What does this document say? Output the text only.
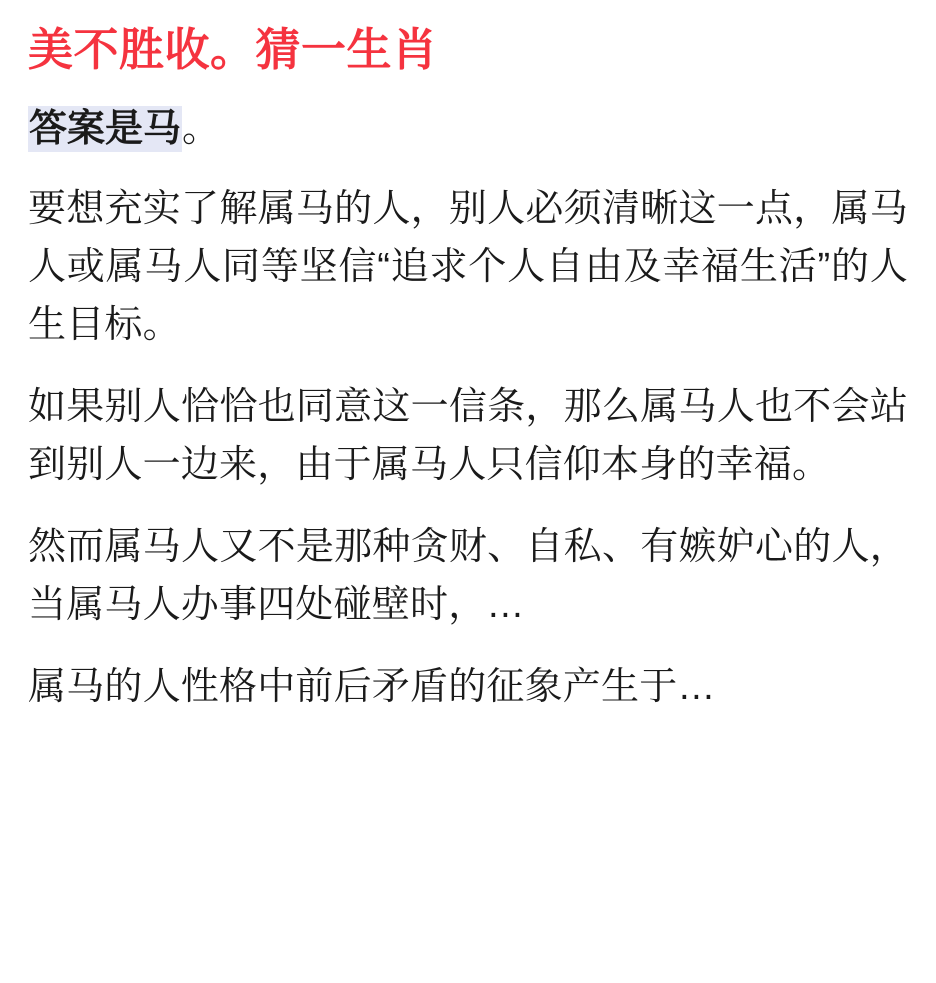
美不胜收。猜一生肖
答案是马。

要想充实了解属马的人，别人必须清晰这一点，属马人或属马人同等坚信“追求个人自由及幸福生活”的人生目标。

如果别人恰恰也同意这一信条，那么属马人也不会站到别人一边来，由于属马人只信仰本身的幸福。

然而属马人又不是那种贪财、自私、有嫉妒心的人，当属马人办事四处碰壁时，…

属马的人性格中前后矛盾的征象产生于…
